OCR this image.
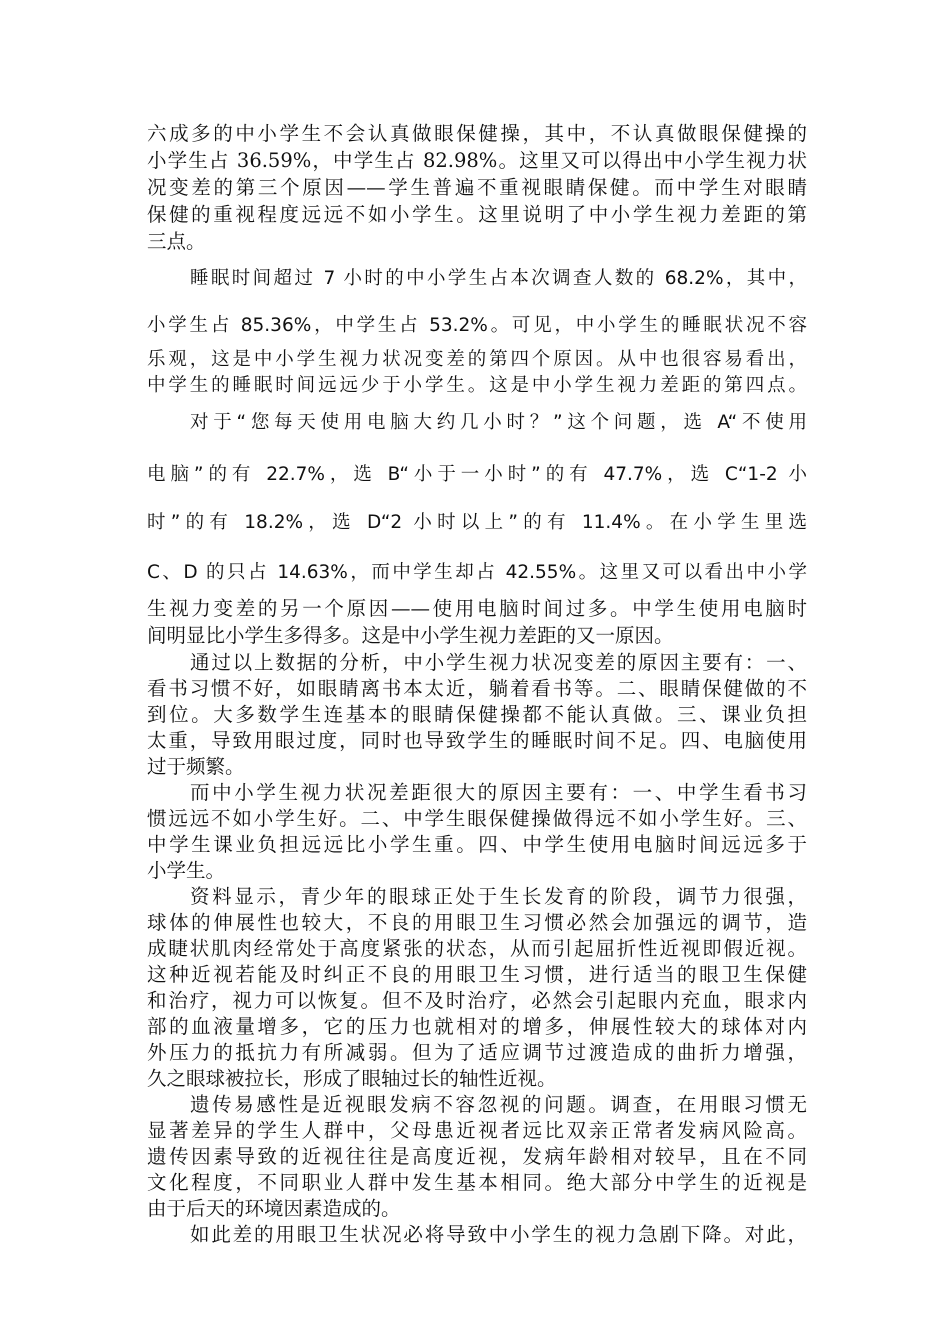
六成多的中小学生不会认真做眼保健操，其中，不认真做眼保健操的
小学生占 36.59%，中学生占 82.98%。这里又可以得出中小学生视力状
况变差的第三个原因——学生普遍不重视眼睛保健。而中学生对眼睛
保健的重视程度远远不如小学生。这里说明了中小学生视力差距的第
三点。
睡眠时间超过 7 小时的中小学生占本次调查人数的 68.2%，其中，
小学生占 85.36%，中学生占 53.2%。可见，中小学生的睡眠状况不容
乐观，这是中小学生视力状况变差的第四个原因。从中也很容易看出，
中学生的睡眠时间远远少于小学生。这是中小学生视力差距的第四点。
对于“您每天使用电脑大约几小时？”这个问题，选 A“不使用
电脑”的有 22.7%，选 B“小于一小时”的有 47.7%，选 C“1-2 小
时”的有 18.2%，选 D“2 小时以上”的有 11.4%。在小学生里选
C、D 的只占 14.63%，而中学生却占 42.55%。这里又可以看出中小学
生视力变差的另一个原因——使用电脑时间过多。中学生使用电脑时
间明显比小学生多得多。这是中小学生视力差距的又一原因。
通过以上数据的分析，中小学生视力状况变差的原因主要有：一、
看书习惯不好，如眼睛离书本太近，躺着看书等。二、眼睛保健做的不
到位。大多数学生连基本的眼睛保健操都不能认真做。三、课业负担
太重，导致用眼过度，同时也导致学生的睡眠时间不足。四、电脑使用
过于频繁。
而中小学生视力状况差距很大的原因主要有：一、中学生看书习
惯远远不如小学生好。二、中学生眼保健操做得远不如小学生好。三、
中学生课业负担远远比小学生重。四、中学生使用电脑时间远远多于
小学生。
资料显示，青少年的眼球正处于生长发育的阶段，调节力很强，
球体的伸展性也较大，不良的用眼卫生习惯必然会加强远的调节，造
成睫状肌肉经常处于高度紧张的状态，从而引起屈折性近视即假近视。
这种近视若能及时纠正不良的用眼卫生习惯，进行适当的眼卫生保健
和治疗，视力可以恢复。但不及时治疗，必然会引起眼内充血，眼求内
部的血液量增多，它的压力也就相对的增多，伸展性较大的球体对内
外压力的抵抗力有所减弱。但为了适应调节过渡造成的曲折力增强，
久之眼球被拉长，形成了眼轴过长的轴性近视。
遗传易感性是近视眼发病不容忽视的问题。调查，在用眼习惯无
显著差异的学生人群中，父母患近视者远比双亲正常者发病风险高。
遗传因素导致的近视往往是高度近视，发病年龄相对较早，且在不同
文化程度，不同职业人群中发生基本相同。绝大部分中学生的近视是
由于后天的环境因素造成的。
如此差的用眼卫生状况必将导致中小学生的视力急剧下降。对此，
